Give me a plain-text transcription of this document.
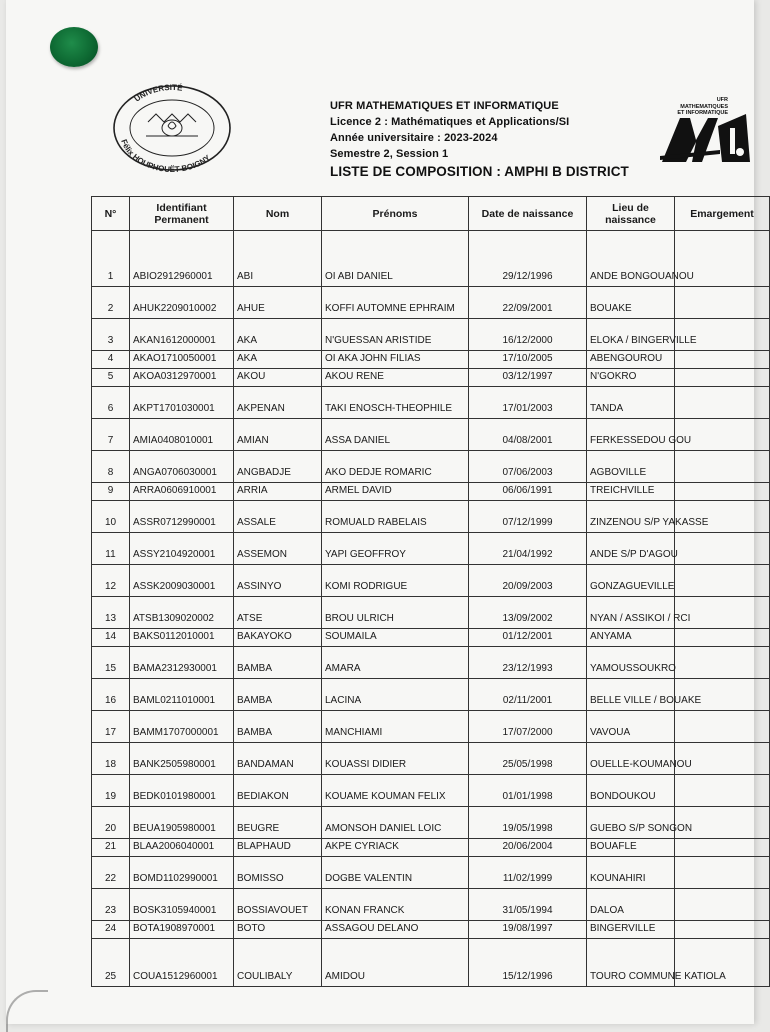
UNIVERSITÉ
Félix HOUPHOUËT-BOIGNY
UFR MATHEMATIQUES ET INFORMATIQUE
Licence 2 : Mathématiques et Applications/SI
Année universitaire : 2023-2024
Semestre 2, Session 1
LISTE DE COMPOSITION : AMPHI B DISTRICT
UFR
MATHEMATIQUES
ET INFORMATIQUE
N°	Identifiant Permanent	Nom	Prénoms	Date de naissance	Lieu de naissance	Emargement
1	ABIO2912960001	ABI	OI ABI DANIEL	29/12/1996	ANDE BONGOUANOU	
2	AHUK2209010002	AHUE	KOFFI AUTOMNE EPHRAIM	22/09/2001	BOUAKE	
3	AKAN1612000001	AKA	N'GUESSAN ARISTIDE	16/12/2000	ELOKA / BINGERVILLE	
4	AKAO1710050001	AKA	OI AKA JOHN FILIAS	17/10/2005	ABENGOUROU	
5	AKOA0312970001	AKOU	AKOU RENE	03/12/1997	N'GOKRO	
6	AKPT1701030001	AKPENAN	TAKI ENOSCH-THEOPHILE	17/01/2003	TANDA	
7	AMIA0408010001	AMIAN	ASSA DANIEL	04/08/2001	FERKESSEDOU GOU	
8	ANGA0706030001	ANGBADJE	AKO DEDJE ROMARIC	07/06/2003	AGBOVILLE	
9	ARRA0606910001	ARRIA	ARMEL DAVID	06/06/1991	TREICHVILLE	
10	ASSR0712990001	ASSALE	ROMUALD RABELAIS	07/12/1999	ZINZENOU S/P YAKASSE	
11	ASSY2104920001	ASSEMON	YAPI GEOFFROY	21/04/1992	ANDE S/P D'AGOU	
12	ASSK2009030001	ASSINYO	KOMI RODRIGUE	20/09/2003	GONZAGUEVILLE	
13	ATSB1309020002	ATSE	BROU ULRICH	13/09/2002	NYAN / ASSIKOI / RCI	
14	BAKS0112010001	BAKAYOKO	SOUMAILA	01/12/2001	ANYAMA	
15	BAMA2312930001	BAMBA	AMARA	23/12/1993	YAMOUSSOUKRO	
16	BAML0211010001	BAMBA	LACINA	02/11/2001	BELLE VILLE / BOUAKE	
17	BAMM1707000001	BAMBA	MANCHIAMI	17/07/2000	VAVOUA	
18	BANK2505980001	BANDAMAN	KOUASSI DIDIER	25/05/1998	OUELLE-KOUMANOU	
19	BEDK0101980001	BEDIAKON	KOUAME KOUMAN FELIX	01/01/1998	BONDOUKOU	
20	BEUA1905980001	BEUGRE	AMONSOH DANIEL LOIC	19/05/1998	GUEBO S/P SONGON	
21	BLAA2006040001	BLAPHAUD	AKPE CYRIACK	20/06/2004	BOUAFLE	
22	BOMD1102990001	BOMISSO	DOGBE VALENTIN	11/02/1999	KOUNAHIRI	
23	BOSK3105940001	BOSSIAVOUET	KONAN FRANCK	31/05/1994	DALOA	
24	BOTA1908970001	BOTO	ASSAGOU DELANO	19/08/1997	BINGERVILLE	
25	COUA1512960001	COULIBALY	AMIDOU	15/12/1996	TOURO COMMUNE KATIOLA	
